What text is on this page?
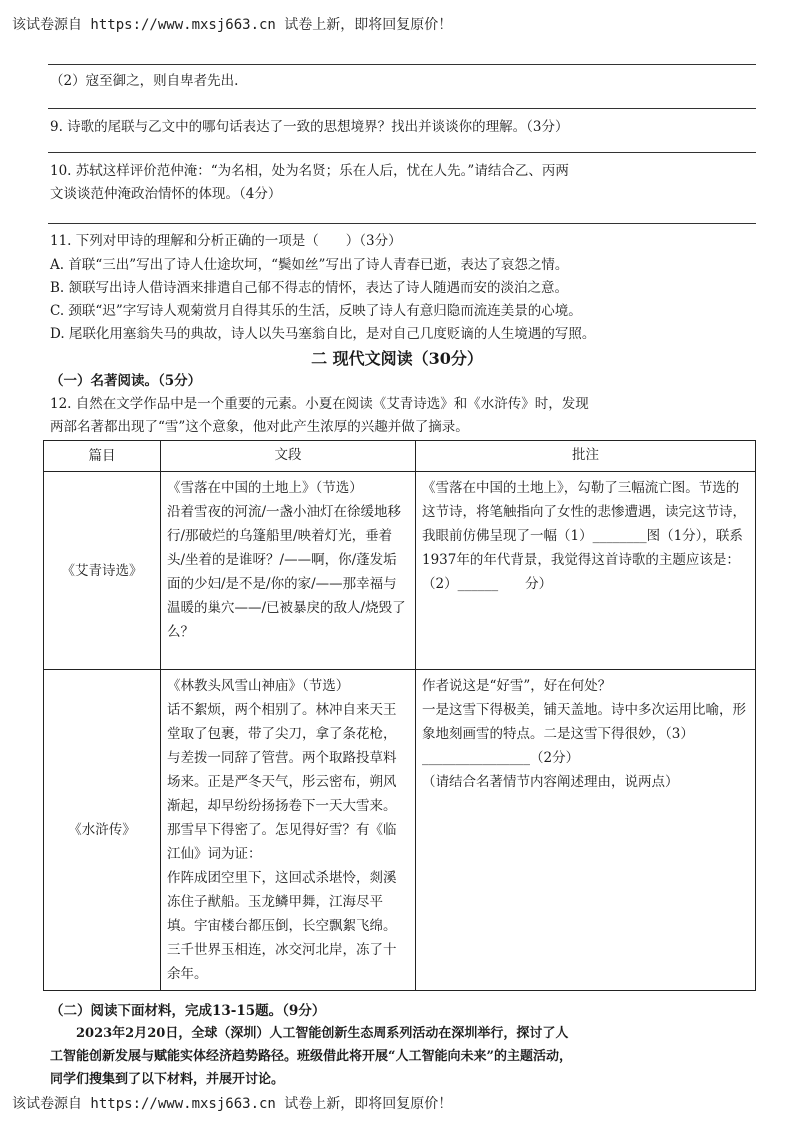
该试卷源自 https://www.mxsj663.cn 试卷上新，即将回复原价！
（2）寇至御之，则自卑者先出.
9. 诗歌的尾联与乙文中的哪句话表达了一致的思想境界？找出并谈谈你的理解。（3分）
10. 苏轼这样评价范仲淹：“为名相，处为名贤；乐在人后，忧在人先。”请结合乙、丙两
文谈谈范仲淹政治情怀的体现。（4分）
11. 下列对甲诗的理解和分析正确的一项是（　　）（3分）
A. 首联“三出”写出了诗人仕途坎坷，“鬓如丝”写出了诗人青春已逝，表达了哀怨之情。
B. 颔联写出诗人借诗酒来排遣自己郁不得志的情怀，表达了诗人随遇而安的淡泊之意。
C. 颈联“迟”字写诗人观菊赏月自得其乐的生活，反映了诗人有意归隐而流连美景的心境。
D. 尾联化用塞翁失马的典故，诗人以失马塞翁自比，是对自己几度贬谪的人生境遇的写照。
二 现代文阅读（30分）
（一）名著阅读。（5分）
12. 自然在文学作品中是一个重要的元素。小夏在阅读《艾青诗选》和《水浒传》时，发现
两部名著都出现了“雪”这个意象，他对此产生浓厚的兴趣并做了摘录。
篇目	文段	批注
《艾青诗选》	《雪落在中国的土地上》（节选）
沿着雪夜的河流/一盏小油灯在徐缓地移行/那破烂的乌篷船里/映着灯光，垂着头/坐着的是谁呀？/——啊，你/蓬发垢面的少妇/是不是/你的家/——那幸福与温暖的巢穴——/已被暴戾的敌人/烧毁了么？	《雪落在中国的土地上》，勾勒了三幅流亡图。节选的这节诗，将笔触指向了女性的悲惨遭遇，读完这节诗，我眼前仿佛呈现了一幅（1）________图（1分），联系1937年的年代背景，我觉得这首诗歌的主题应该是：
（2）______　　分）
《水浒传》	《林教头风雪山神庙》（节选）
话不絮烦，两个相别了。林冲自来天王堂取了包裹，带了尖刀，拿了条花枪，与差拨一同辞了管营。两个取路投草料场来。正是严冬天气，彤云密布，朔风渐起，却早纷纷扬扬卷下一天大雪来。那雪早下得密了。怎见得好雪？有《临江仙》词为证：
作阵成团空里下，这回忒杀堪怜，剡溪冻住子猷船。玉龙鳞甲舞，江海尽平填。宇宙楼台都压倒，长空飘絮飞绵。三千世界玉相连，冰交河北岸，冻了十余年。	作者说这是“好雪”，好在何处？
一是这雪下得极美，铺天盖地。诗中多次运用比喻，形象地刻画雪的特点。二是这雪下得很妙，（3）________________（2分）
（请结合名著情节内容阐述理由，说两点）
（二）阅读下面材料，完成13-15题。（9分）
　　2023年2月20日，全球（深圳）人工智能创新生态周系列活动在深圳举行，探讨了人
工智能创新发展与赋能实体经济趋势路径。班级借此将开展“人工智能向未来”的主题活动，
同学们搜集到了以下材料，并展开讨论。
该试卷源自 https://www.mxsj663.cn 试卷上新，即将回复原价！
